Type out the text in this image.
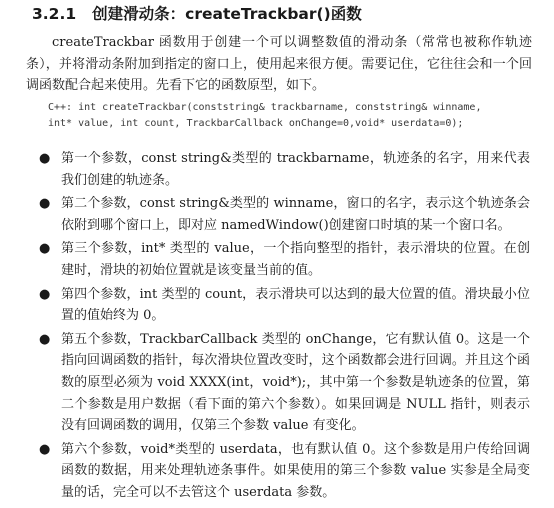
3.2.1 创建滑动条：createTrackbar()函数

createTrackbar 函数用于创建一个可以调整数值的滑动条（常常也被称作轨迹条），并将滑动条附加到指定的窗口上，使用起来很方便。需要记住，它往往会和一个回调函数配合起来使用。先看下它的函数原型，如下。

C++: int createTrackbar(conststring& trackbarname, conststring& winname,
int* value, int count, TrackbarCallback onChange=0,void* userdata=0);
● 第一个参数，const string&类型的 trackbarname，轨迹条的名字，用来代表我们创建的轨迹条。
● 第二个参数，const string&类型的 winname，窗口的名字，表示这个轨迹条会依附到哪个窗口上，即对应 namedWindow()创建窗口时填的某一个窗口名。
● 第三个参数，int* 类型的 value，一个指向整型的指针，表示滑块的位置。在创建时，滑块的初始位置就是该变量当前的值。
● 第四个参数，int 类型的 count，表示滑块可以达到的最大位置的值。滑块最小位置的值始终为 0。
● 第五个参数，TrackbarCallback 类型的 onChange，它有默认值 0。这是一个指向回调函数的指针，每次滑块位置改变时，这个函数都会进行回调。并且这个函数的原型必须为 void XXXX(int，void*);，其中第一个参数是轨迹条的位置，第二个参数是用户数据（看下面的第六个参数）。如果回调是 NULL 指针，则表示没有回调函数的调用，仅第三个参数 value 有变化。
● 第六个参数，void*类型的 userdata，也有默认值 0。这个参数是用户传给回调函数的数据，用来处理轨迹条事件。如果使用的第三个参数 value 实参是全局变量的话，完全可以不去管这个 userdata 参数。
